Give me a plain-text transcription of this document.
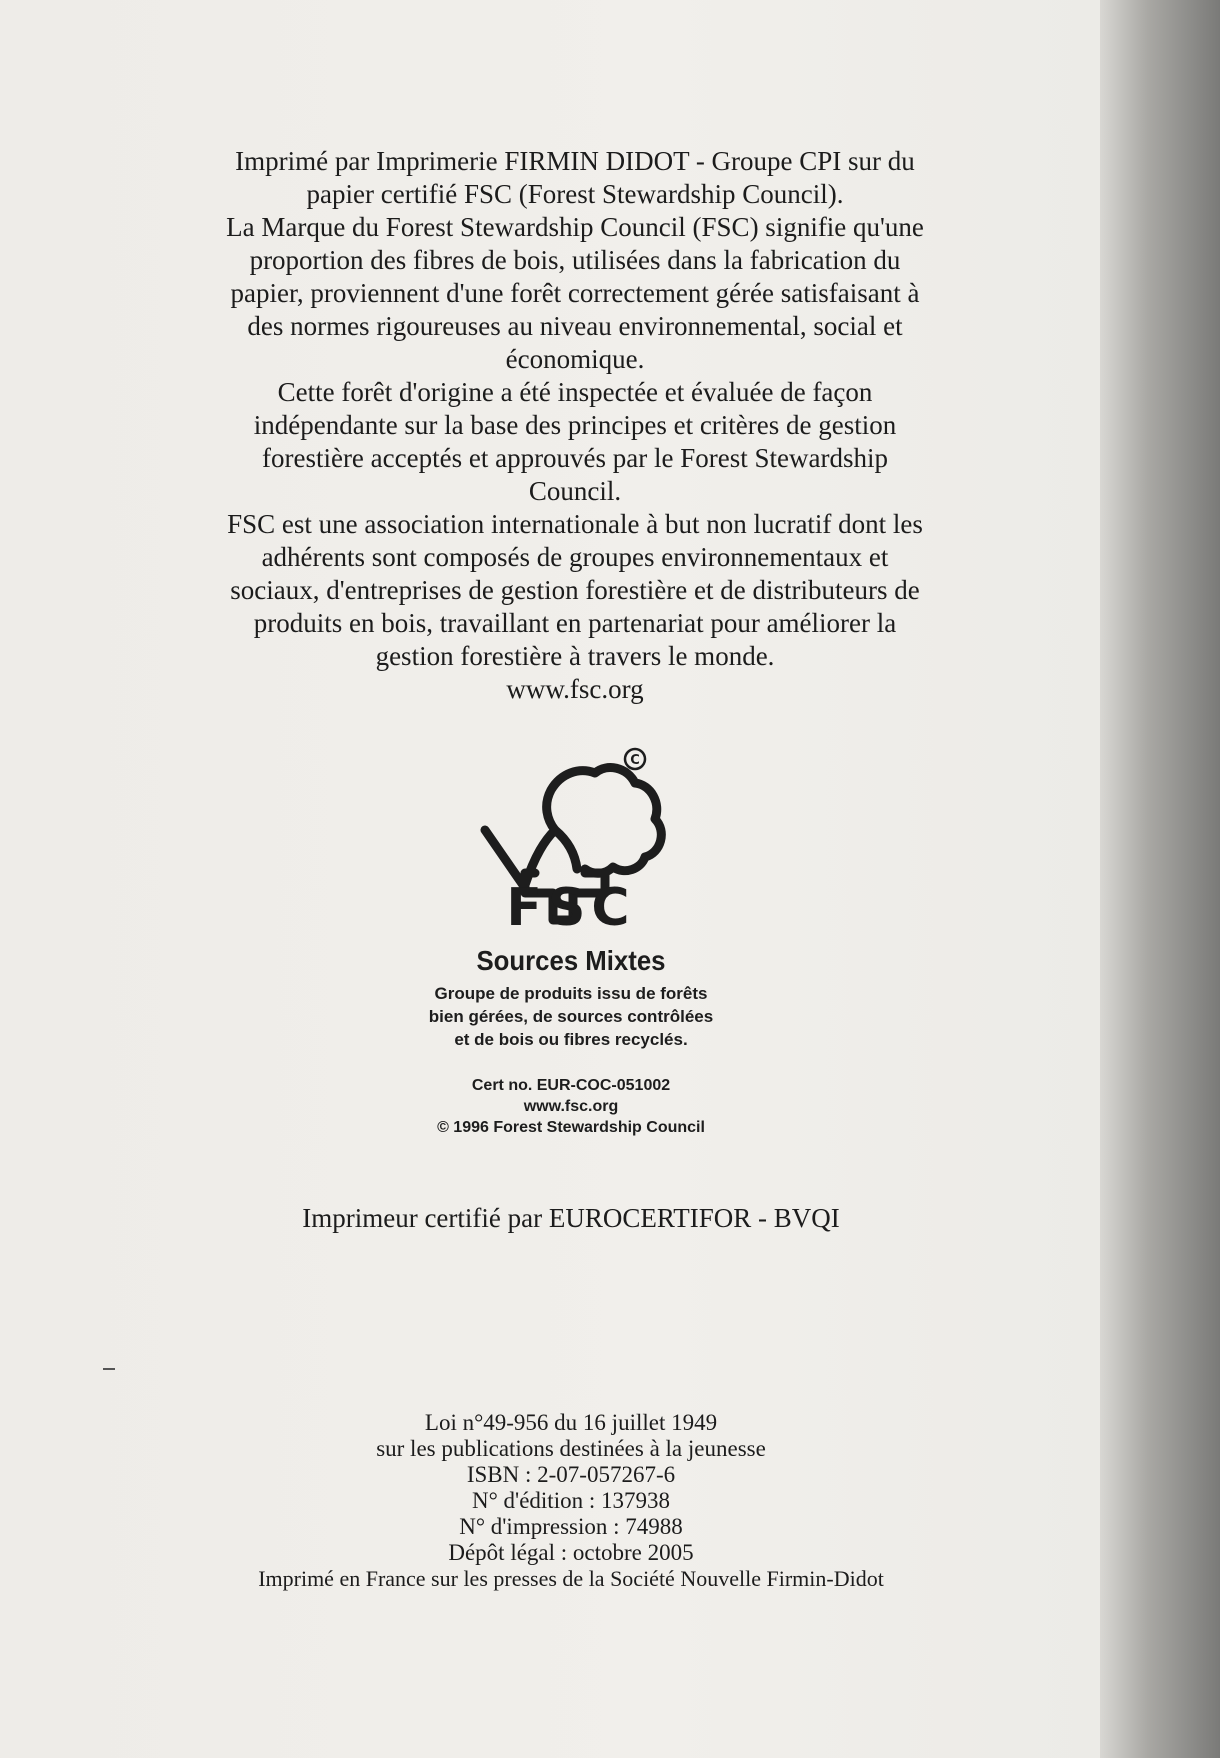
Imprimé par Imprimerie FIRMIN DIDOT - Groupe CPI sur du
papier certifié FSC (Forest Stewardship Council).

La Marque du Forest Stewardship Council (FSC) signifie qu'une
proportion des fibres de bois, utilisées dans la fabrication du
papier, proviennent d'une forêt correctement gérée satisfaisant à
des normes rigoureuses au niveau environnemental, social et
économique.

Cette forêt d'origine a été inspectée et évaluée de façon
indépendante sur la base des principes et critères de gestion
forestière acceptés et approuvés par le Forest Stewardship
Council.

FSC est une association internationale à but non lucratif dont les
adhérents sont composés de groupes environnementaux et
sociaux, d'entreprises de gestion forestière et de distributeurs de
produits en bois, travaillant en partenariat pour améliorer la
gestion forestière à travers le monde.

www.fsc.org

C
FSC
Sources Mixtes

Groupe de produits issu de forêts

bien gérées, de sources contrôlées

et de bois ou fibres recyclés.

Cert no. EUR-COC-051002

www.fsc.org

© 1996 Forest Stewardship Council

Imprimeur certifié par EUROCERTIFOR - BVQI

Loi n°49-956 du 16 juillet 1949

sur les publications destinées à la jeunesse

ISBN : 2-07-057267-6

N° d'édition : 137938

N° d'impression : 74988

Dépôt légal : octobre 2005

Imprimé en France sur les presses de la Société Nouvelle Firmin-Didot
